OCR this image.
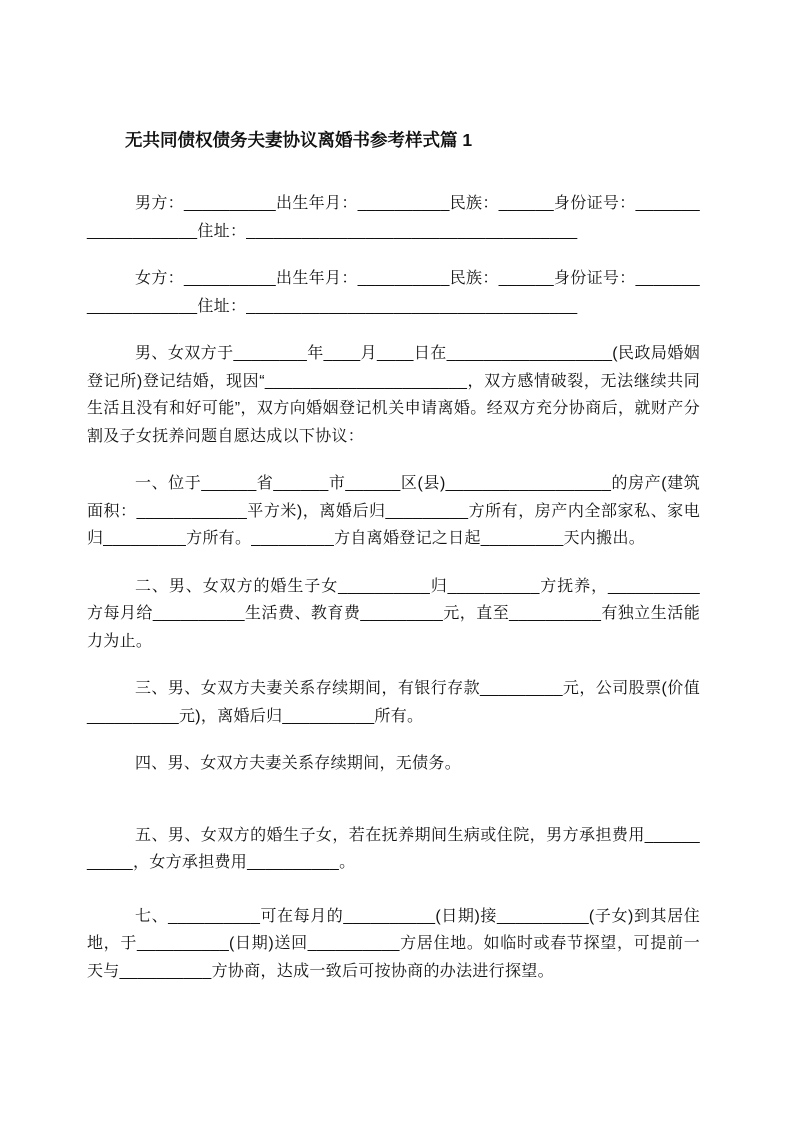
无共同债权债务夫妻协议离婚书参考样式篇 1

男方：__________出生年月：__________民族：______身份证号：___________________住址：____________________________________

女方：__________出生年月：__________民族：______身份证号：___________________住址：____________________________________

男、女双方于________年____月____日在__________________(民政局婚姻登记所)登记结婚，现因“______________________，双方感情破裂，无法继续共同生活且没有和好可能”，双方向婚姻登记机关申请离婚。经双方充分协商后，就财产分割及子女抚养问题自愿达成以下协议：

一、位于______省______市______区(县)__________________的房产(建筑面积：____________平方米)，离婚后归_________方所有，房产内全部家私、家电归_________方所有。_________方自离婚登记之日起_________天内搬出。

二、男、女双方的婚生子女__________归__________方抚养，__________方每月给__________生活费、教育费_________元，直至__________有独立生活能力为止。

三、男、女双方夫妻关系存续期间，有银行存款_________元，公司股票(价值__________元)，离婚后归__________所有。

四、男、女双方夫妻关系存续期间，无债务。

五、男、女双方的婚生子女，若在抚养期间生病或住院，男方承担费用___________，女方承担费用__________。

七、__________可在每月的__________(日期)接__________(子女)到其居住地，于__________(日期)送回__________方居住地。如临时或春节探望，可提前一天与__________方协商，达成一致后可按协商的办法进行探望。
